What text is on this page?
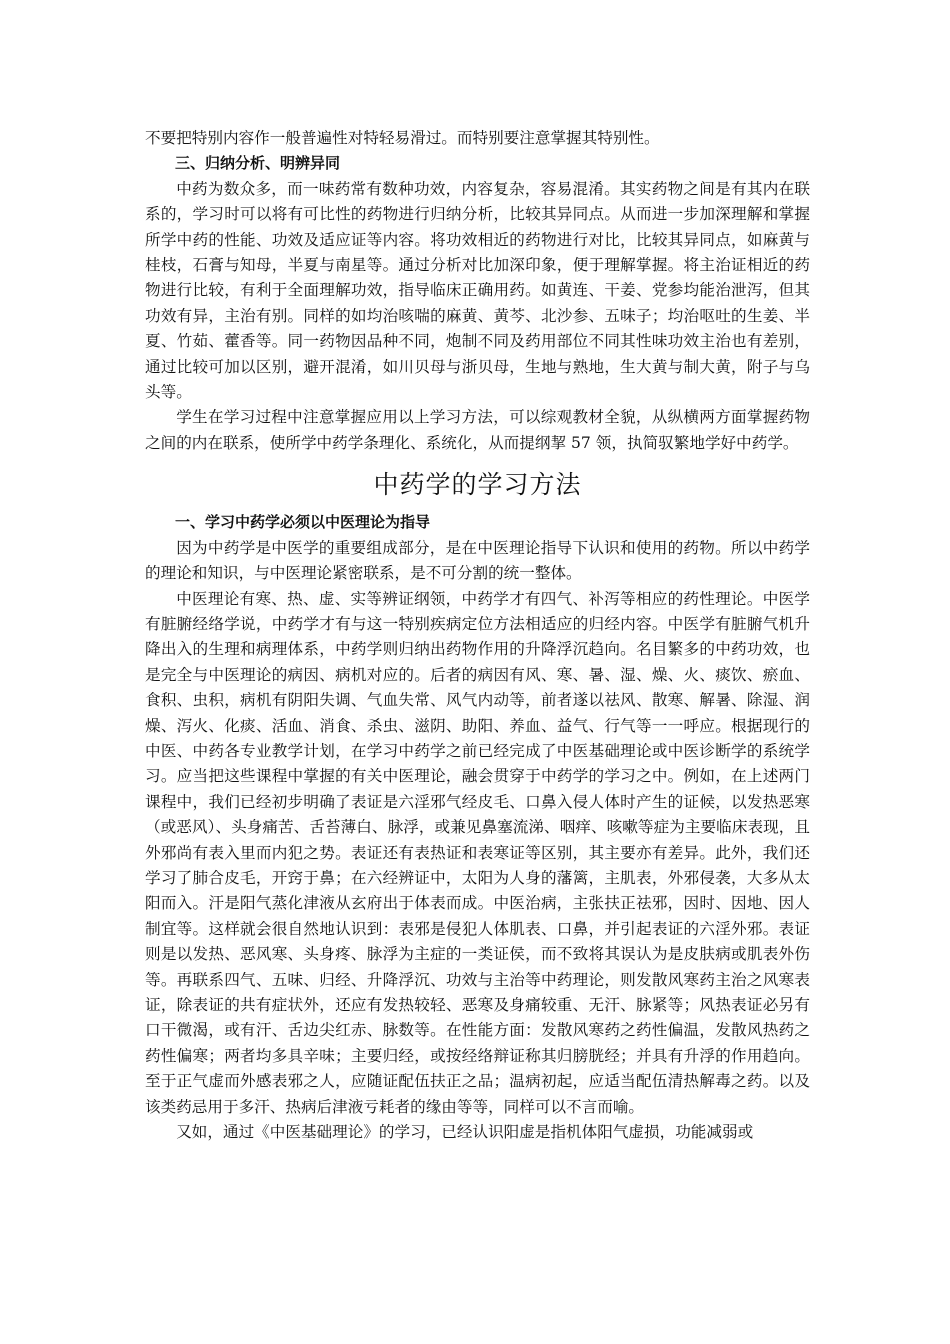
不要把特别内容作一般普遍性对特轻易滑过。而特别要注意掌握其特别性。

三、归纳分析、明辨异同

中药为数众多，而一味药常有数种功效，内容复杂，容易混淆。其实药物之间是有其内在联系的，学习时可以将有可比性的药物进行归纳分析，比较其异同点。从而进一步加深理解和掌握所学中药的性能、功效及适应证等内容。将功效相近的药物进行对比，比较其异同点，如麻黄与桂枝，石膏与知母，半夏与南星等。通过分析对比加深印象，便于理解掌握。将主治证相近的药物进行比较，有利于全面理解功效，指导临床正确用药。如黄连、干姜、党参均能治泄泻，但其功效有异，主治有别。同样的如均治咳喘的麻黄、黄芩、北沙参、五味子；均治呕吐的生姜、半夏、竹茹、藿香等。同一药物因品种不同，炮制不同及药用部位不同其性味功效主治也有差别，通过比较可加以区别，避开混淆，如川贝母与浙贝母，生地与熟地，生大黄与制大黄，附子与乌头等。

学生在学习过程中注意掌握应用以上学习方法，可以综观教材全貌，从纵横两方面掌握药物之间的内在联系，使所学中药学条理化、系统化，从而提纲挈 57 领，执简驭繁地学好中药学。

中药学的学习方法

一、学习中药学必须以中医理论为指导

因为中药学是中医学的重要组成部分，是在中医理论指导下认识和使用的药物。所以中药学的理论和知识，与中医理论紧密联系，是不可分割的统一整体。

中医理论有寒、热、虚、实等辨证纲领，中药学才有四气、补泻等相应的药性理论。中医学有脏腑经络学说，中药学才有与这一特别疾病定位方法相适应的归经内容。中医学有脏腑气机升降出入的生理和病理体系，中药学则归纳出药物作用的升降浮沉趋向。名目繁多的中药功效，也是完全与中医理论的病因、病机对应的。后者的病因有风、寒、暑、湿、燥、火、痰饮、瘀血、食积、虫积，病机有阴阳失调、气血失常、风气内动等，前者遂以祛风、散寒、解暑、除湿、润燥、泻火、化痰、活血、消食、杀虫、滋阴、助阳、养血、益气、行气等一一呼应。根据现行的中医、中药各专业教学计划，在学习中药学之前已经完成了中医基础理论或中医诊断学的系统学习。应当把这些课程中掌握的有关中医理论，融会贯穿于中药学的学习之中。例如，在上述两门课程中，我们已经初步明确了表证是六淫邪气经皮毛、口鼻入侵人体时产生的证候，以发热恶寒（或恶风）、头身痛苦、舌苔薄白、脉浮，或兼见鼻塞流涕、咽痒、咳嗽等症为主要临床表现，且外邪尚有表入里而内犯之势。表证还有表热证和表寒证等区别，其主要亦有差异。此外，我们还学习了肺合皮毛，开窍于鼻；在六经辨证中，太阳为人身的藩篱，主肌表，外邪侵袭，大多从太阳而入。汗是阳气蒸化津液从玄府出于体表而成。中医治病，主张扶正祛邪，因时、因地、因人制宜等。这样就会很自然地认识到：表邪是侵犯人体肌表、口鼻，并引起表证的六淫外邪。表证则是以发热、恶风寒、头身疼、脉浮为主症的一类证侯，而不致将其误认为是皮肤病或肌表外伤等。再联系四气、五味、归经、升降浮沉、功效与主治等中药理论，则发散风寒药主治之风寒表证，除表证的共有症状外，还应有发热较轻、恶寒及身痛较重、无汗、脉紧等；风热表证必另有口干微渴，或有汗、舌边尖红赤、脉数等。在性能方面：发散风寒药之药性偏温，发散风热药之药性偏寒；两者均多具辛味；主要归经，或按经络辩证称其归膀胱经；并具有升浮的作用趋向。至于正气虚而外感表邪之人，应随证配伍扶正之品；温病初起，应适当配伍清热解毒之药。以及该类药忌用于多汗、热病后津液亏耗者的缘由等等，同样可以不言而喻。

又如，通过《中医基础理论》的学习，已经认识阳虚是指机体阳气虚损，功能减弱或
